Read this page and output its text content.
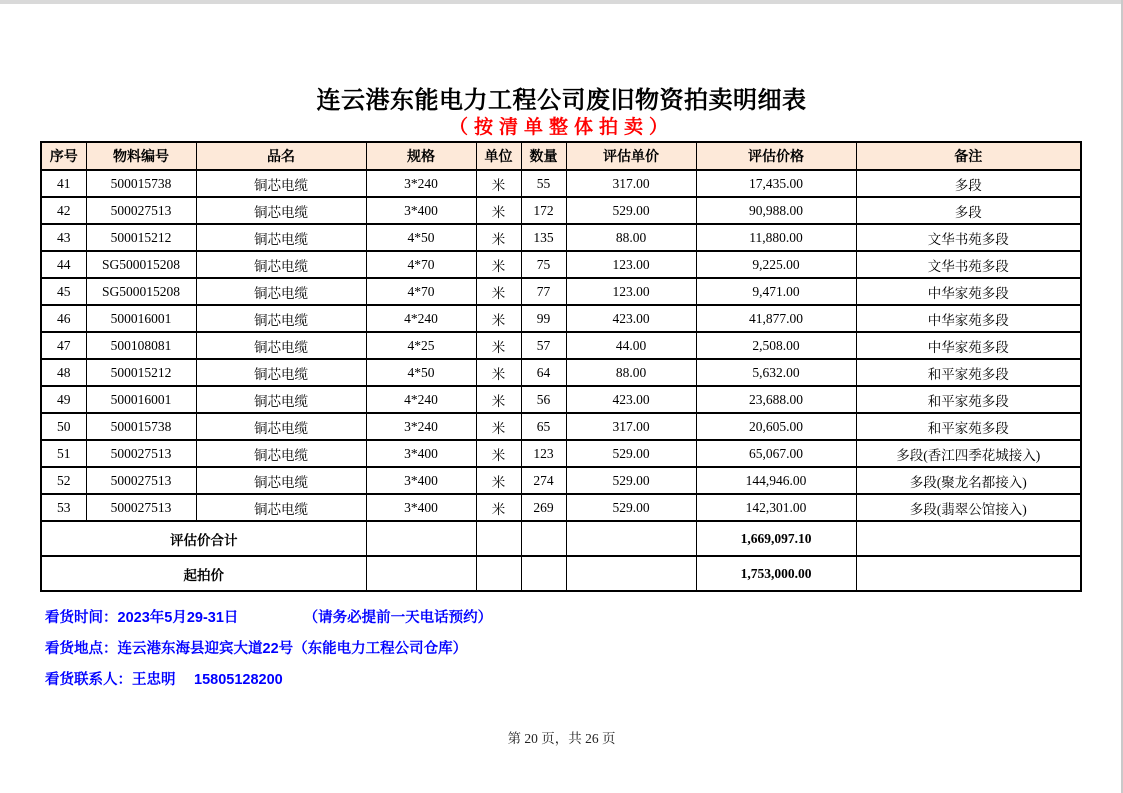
连云港东能电力工程公司废旧物资拍卖明细表
（按清单整体拍卖）
序号	物料编号	品名	规格	单位	数量	评估单价	评估价格	备注
41	500015738	铜芯电缆	3*240	米	55	317.00	17,435.00	多段
42	500027513	铜芯电缆	3*400	米	172	529.00	90,988.00	多段
43	500015212	铜芯电缆	4*50	米	135	88.00	11,880.00	文华书苑多段
44	SG500015208	铜芯电缆	4*70	米	75	123.00	9,225.00	文华书苑多段
45	SG500015208	铜芯电缆	4*70	米	77	123.00	9,471.00	中华家苑多段
46	500016001	铜芯电缆	4*240	米	99	423.00	41,877.00	中华家苑多段
47	500108081	铜芯电缆	4*25	米	57	44.00	2,508.00	中华家苑多段
48	500015212	铜芯电缆	4*50	米	64	88.00	5,632.00	和平家苑多段
49	500016001	铜芯电缆	4*240	米	56	423.00	23,688.00	和平家苑多段
50	500015738	铜芯电缆	3*240	米	65	317.00	20,605.00	和平家苑多段
51	500027513	铜芯电缆	3*400	米	123	529.00	65,067.00	多段(香江四季花城接入)
52	500027513	铜芯电缆	3*400	米	274	529.00	144,946.00	多段(聚龙名都接入)
53	500027513	铜芯电缆	3*400	米	269	529.00	142,301.00	多段(翡翠公馆接入)
评估价合计							1,669,097.10	
起拍价							1,753,000.00	
看货时间：2023年5月29-31日　　　　　（请务必提前一天电话预约）
看货地点：连云港东海县迎宾大道22号（东能电力工程公司仓库）
看货联系人：王忠明　 15805128200
第 20 页，共 26 页
